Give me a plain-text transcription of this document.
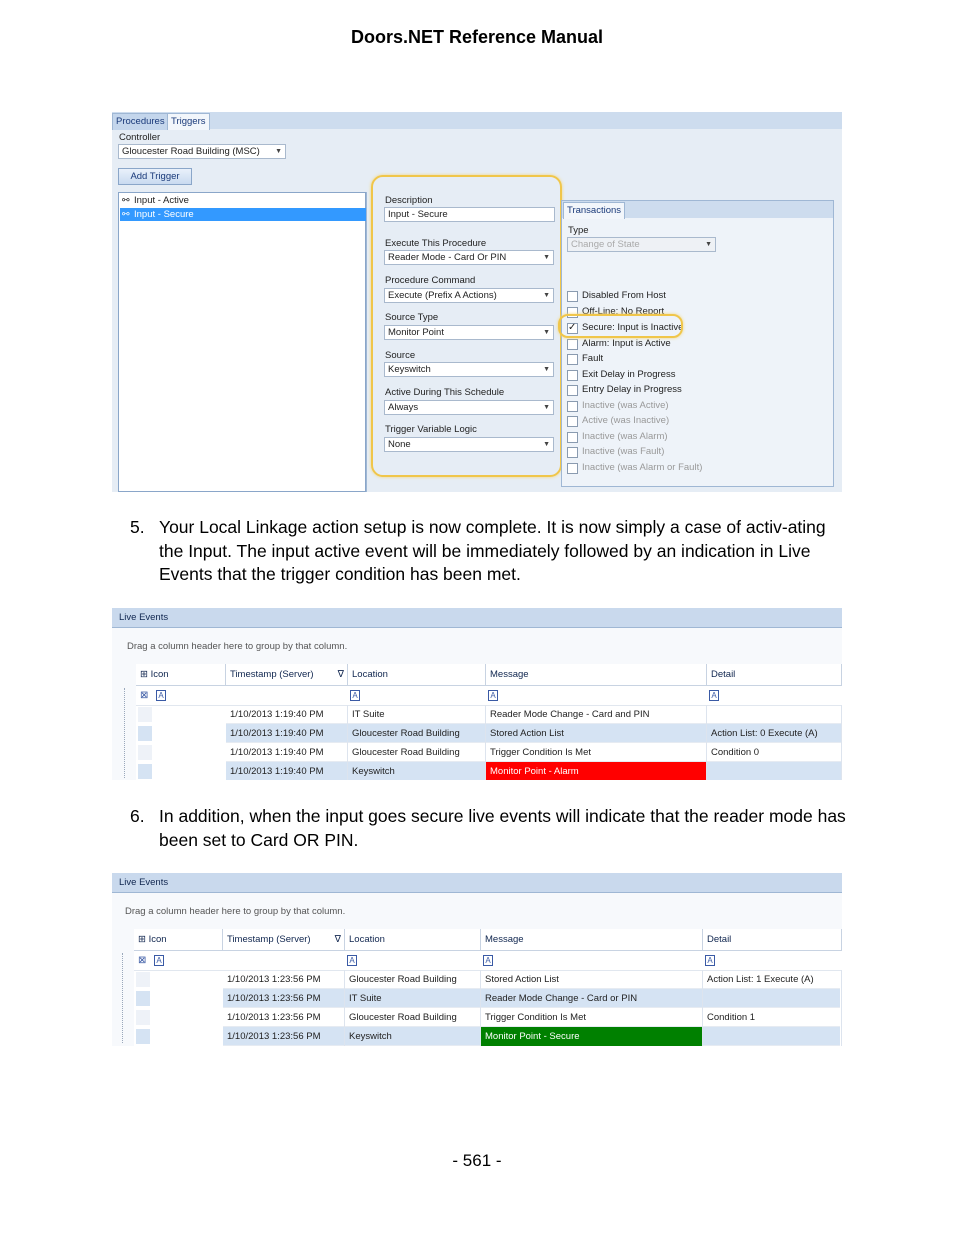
Doors.NET Reference Manual
Procedures Triggers
Controller
Gloucester Road Building (MSC) ▼
Add Trigger
⚯ Input - Active
⚯ Input - Secure
Description
Input - Secure
Execute This Procedure
Reader Mode - Card Or PIN	▼
Procedure Command
Execute (Prefix A Actions)	▼
Source Type
Monitor Point	▼
Source
Keyswitch	▼
Active During This Schedule
Always	▼
Trigger Variable Logic
None	▼
Transactions
Type
Change of State	▼
Disabled From Host
Off-Line: No Report
✓
Secure: Input is Inactive
Alarm: Input is Active
Fault
Exit Delay in Progress
Entry Delay in Progress
Inactive (was Active)
Active (was Inactive)
Inactive (was Alarm)
Inactive (was Fault)
Inactive (was Alarm or Fault)
5. Your Local Linkage action setup is now complete. It is now simply a case of activ-ating the Input. The input active event will be immediately followed by an indication in Live Events that the trigger condition has been met.
Live Events
Drag a column header here to group by that column.
⊞ Icon	Timestamp (Server)	∇ Location	Message	Detail
⊠ A	A	A	A
1/10/2013 1:19:40 PM	IT Suite	Reader Mode Change - Card and PIN
1/10/2013 1:19:40 PM	Gloucester Road Building	Stored Action List	Action List: 0 Execute (A)
1/10/2013 1:19:40 PM	Gloucester Road Building	Trigger Condition Is Met	Condition 0
1/10/2013 1:19:40 PM	Keyswitch	Monitor Point - Alarm
6. In addition, when the input goes secure live events will indicate that the reader mode has been set to Card OR PIN.
Live Events
Drag a column header here to group by that column.
⊞ Icon	Timestamp (Server)	∇ Location	Message	Detail
⊠ A	A	A	A
1/10/2013 1:23:56 PM	Gloucester Road Building	Stored Action List	Action List: 1 Execute (A)
1/10/2013 1:23:56 PM	IT Suite	Reader Mode Change - Card or PIN
1/10/2013 1:23:56 PM	Gloucester Road Building	Trigger Condition Is Met	Condition 1
1/10/2013 1:23:56 PM	Keyswitch	Monitor Point - Secure
- 561 -
